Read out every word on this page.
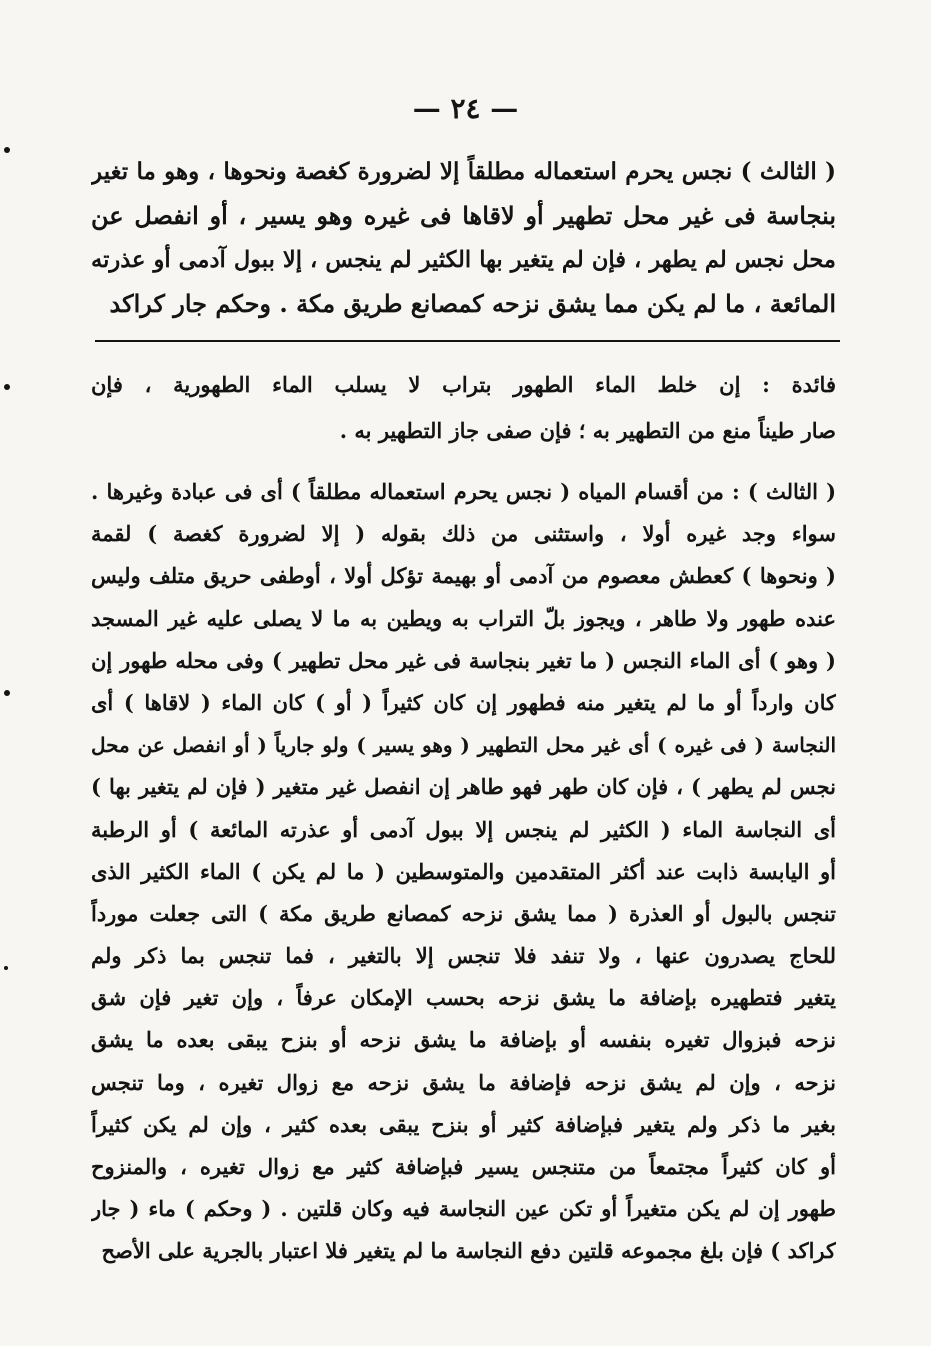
— ٢٤ —
( الثالث ) نجس يحرم استعماله مطلقاً إلا لضرورة كغصة ونحوها ، وهو ما تغير
بنجاسة فى غير محل تطهير أو لاقاها فى غيره وهو يسير ، أو انفصل عن
محل نجس لم يطهر ، فإن لم يتغير بها الكثير لم ينجس ، إلا ببول آدمى أو عذرته
المائعة ، ما لم يكن مما يشق نزحه كمصانع طريق مكة . وحكم جار كراكد
فائدة : إن خلط الماء الطهور بتراب لا يسلب الماء الطهورية ، فإن
صار طيناً منع من التطهير به ؛ فإن صفى جاز التطهير به .
( الثالث ) : من أقسام المياه ( نجس يحرم استعماله مطلقاً ) أى فى عبادة وغيرها .
سواء وجد غيره أولا ، واستثنى من ذلك بقوله ( إلا لضرورة كغصة ) لقمة
( ونحوها ) كعطش معصوم من آدمى أو بهيمة تؤكل أولا ، أوطفى حريق متلف وليس
عنده طهور ولا طاهر ، ويجوز بلّ التراب به ويطين به ما لا يصلى عليه غير المسجد
( وهو ) أى الماء النجس ( ما تغير بنجاسة فى غير محل تطهير ) وفى محله طهور إن
كان وارداً أو ما لم يتغير منه فطهور إن كان كثيراً ( أو ) كان الماء ( لاقاها ) أى
النجاسة ( فى غيره ) أى غير محل التطهير ( وهو يسير ) ولو جارياً ( أو انفصل عن محل
نجس لم يطهر ) ، فإن كان طهر فهو طاهر إن انفصل غير متغير ( فإن لم يتغير بها )
أى النجاسة الماء ( الكثير لم ينجس إلا ببول آدمى أو عذرته المائعة ) أو الرطبة
أو اليابسة ذابت عند أكثر المتقدمين والمتوسطين ( ما لم يكن ) الماء الكثير الذى
تنجس بالبول أو العذرة ( مما يشق نزحه كمصانع طريق مكة ) التى جعلت مورداً
للحاج يصدرون عنها ، ولا تنفد فلا تنجس إلا بالتغير ، فما تنجس بما ذكر ولم
يتغير فتطهيره بإضافة ما يشق نزحه بحسب الإمكان عرفاً ، وإن تغير فإن شق
نزحه فبزوال تغيره بنفسه أو بإضافة ما يشق نزحه أو بنزح يبقى بعده ما يشق
نزحه ، وإن لم يشق نزحه فإضافة ما يشق نزحه مع زوال تغيره ، وما تنجس
بغير ما ذكر ولم يتغير فبإضافة كثير أو بنزح يبقى بعده كثير ، وإن لم يكن كثيراً
أو كان كثيراً مجتمعاً من متنجس يسير فبإضافة كثير مع زوال تغيره ، والمنزوح
طهور إن لم يكن متغيراً أو تكن عين النجاسة فيه وكان قلتين . ( وحكم ) ماء ( جار
كراكد ) فإن بلغ مجموعه قلتين دفع النجاسة ما لم يتغير فلا اعتبار بالجرية على الأصح
